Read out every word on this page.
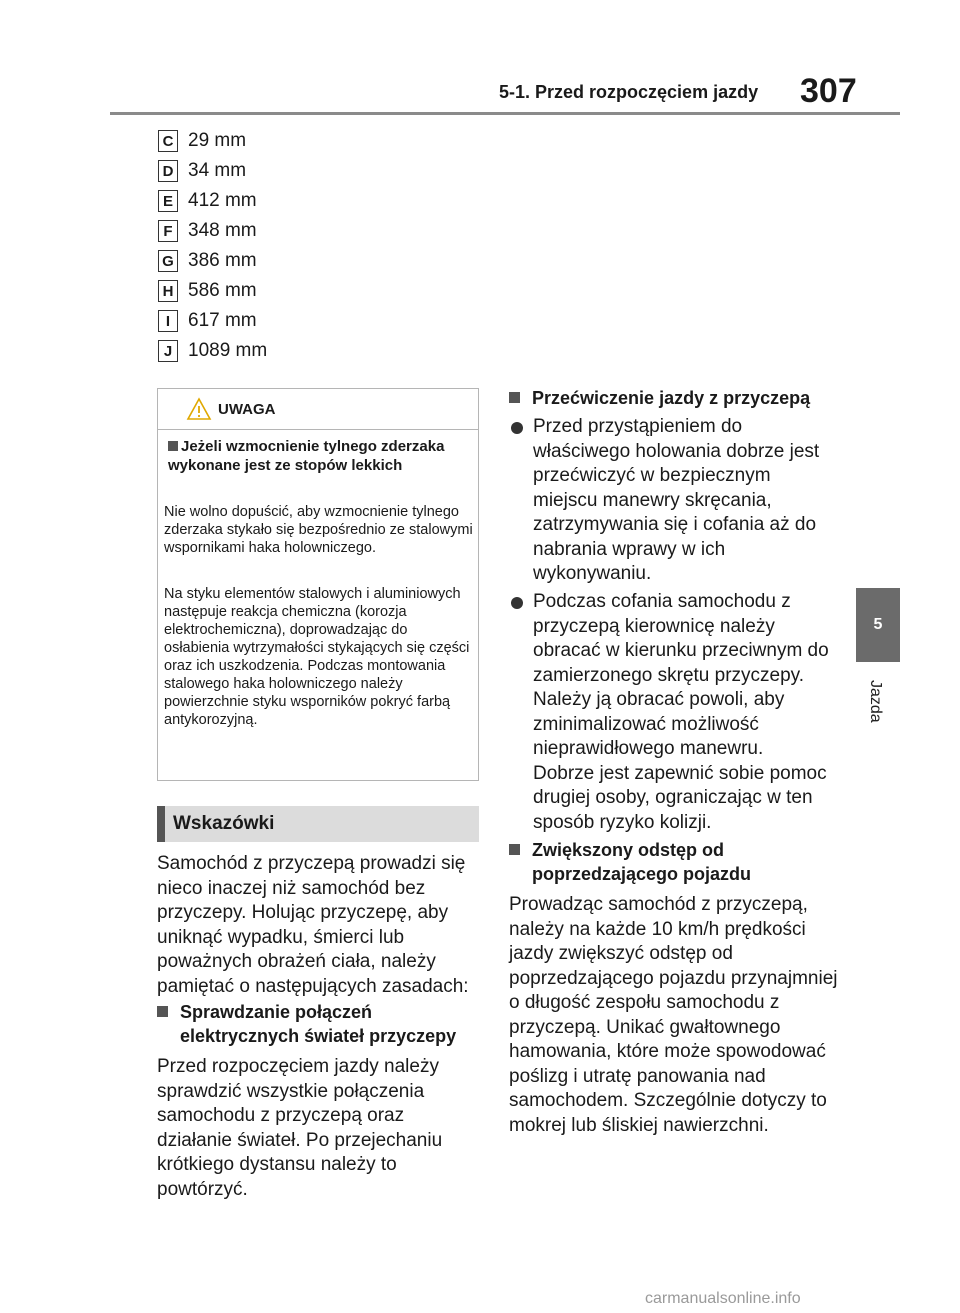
5-1. Przed rozpoczęciem jazdy 307
5
Jazda
C 29 mm
D 34 mm
E 412 mm
F 348 mm
G 386 mm
H 586 mm
I 617 mm
J 1089 mm
UWAGA
Jeżeli wzmocnienie tylnego zderzaka wykonane jest ze stopów lekkich
Nie wolno dopuścić, aby wzmocnienie tylnego zderzaka stykało się bezpośrednio ze stalowymi wspornikami haka holowniczego.
Na styku elementów stalowych i aluminiowych następuje reakcja chemiczna (korozja elektrochemiczna), doprowadzając do osłabienia wytrzymałości stykających się części oraz ich uszkodzenia. Podczas montowania stalowego haka holowniczego należy powierzchnie styku wsporników pokryć farbą antykorozyjną.
Wskazówki
Samochód z przyczepą prowadzi się nieco inaczej niż samochód bez przyczepy. Holując przyczepę, aby uniknąć wypadku, śmierci lub poważnych obrażeń ciała, należy pamiętać o następujących zasadach:
Sprawdzanie połączeń elektrycznych świateł przyczepy
Przed rozpoczęciem jazdy należy sprawdzić wszystkie połączenia samochodu z przyczepą oraz działanie świateł. Po przejechaniu krótkiego dystansu należy to powtórzyć.
Przećwiczenie jazdy z przyczepą
Przed przystąpieniem do właściwego holowania dobrze jest przećwiczyć w bezpiecznym miejscu manewry skręcania, zatrzymywania się i cofania aż do nabrania wprawy w ich wykonywaniu.
Podczas cofania samochodu z przyczepą kierownicę należy obracać w kierunku przeciwnym do zamierzonego skrętu przyczepy. Należy ją obracać powoli, aby zminimalizować możliwość nieprawidłowego manewru. Dobrze jest zapewnić sobie pomoc drugiej osoby, ograniczając w ten sposób ryzyko kolizji.
Zwiększony odstęp od poprzedzającego pojazdu
Prowadząc samochód z przyczepą, należy na każde 10 km/h prędkości jazdy zwiększyć odstęp od poprzedzającego pojazdu przynajmniej o długość zespołu samochodu z przyczepą. Unikać gwałtownego hamowania, które może spowodować poślizg i utratę panowania nad samochodem. Szczególnie dotyczy to mokrej lub śliskiej nawierzchni.
carmanualsonline.info
